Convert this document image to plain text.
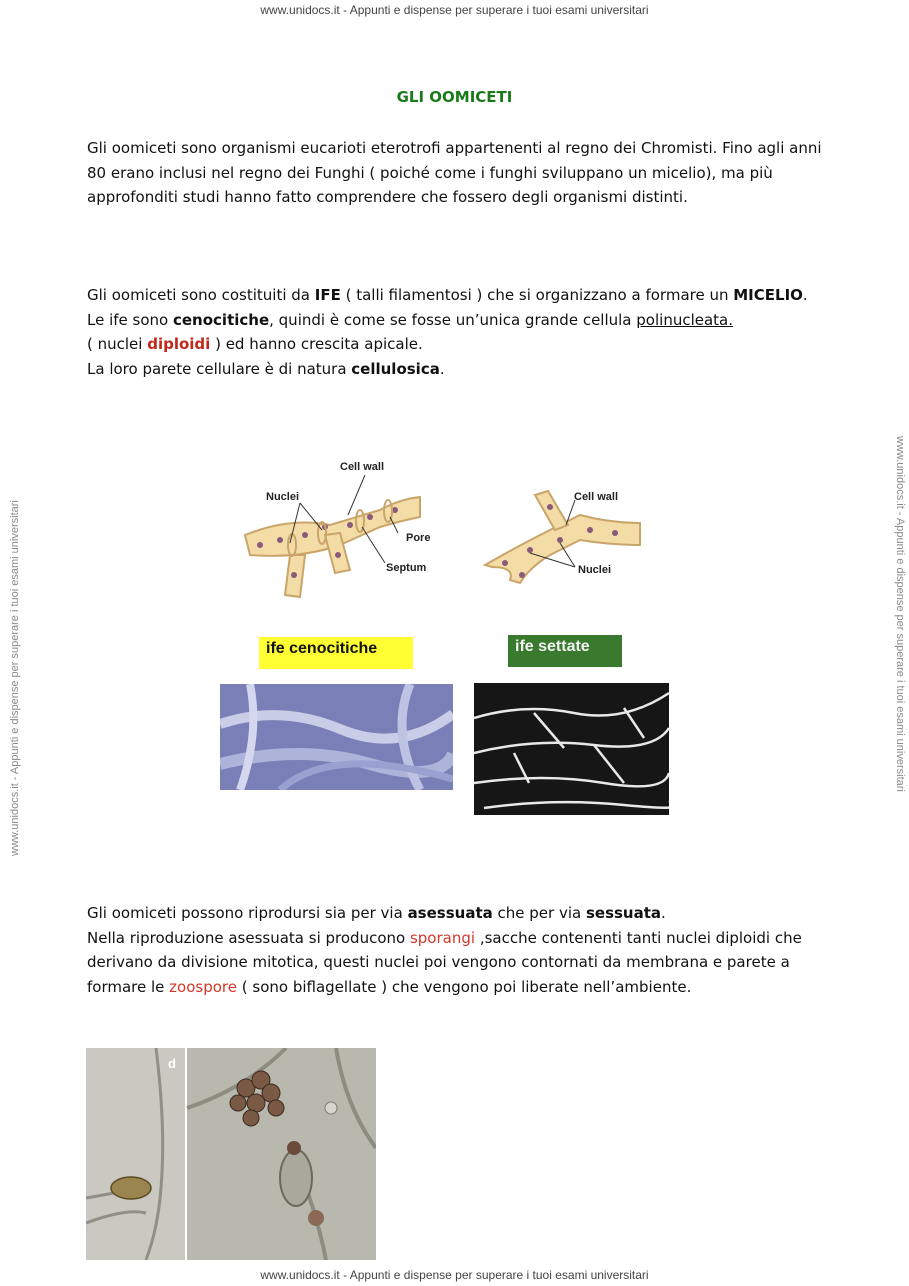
www.unidocs.it - Appunti e dispense per superare i tuoi esami universitari
www.unidocs.it - Appunti e dispense per superare i tuoi esami universitari	www.unidocs.it - Appunti e dispense per superare i tuoi esami universitari
GLI OOMICETI

Gli oomiceti sono organismi eucarioti eterotrofi appartenenti al regno dei Chromisti. Fino agli anni 80 erano inclusi nel regno dei Funghi ( poiché come i funghi sviluppano un micelio), ma più approfonditi studi hanno fatto comprendere che fossero degli organismi distinti.

Gli oomiceti sono costituiti da IFE ( talli filamentosi ) che si organizzano a formare un MICELIO.
Le ife sono cenocitiche, quindi è come se fosse un’unica grande cellula polinucleata.
( nuclei diploidi ) ed hanno crescita apicale.
La loro parete cellulare è di natura cellulosica.

Cell wall
Nuclei
Pore
Septum
Cell wall
Nuclei
ife cenocitiche	ife settate

Gli oomiceti possono riprodursi sia per via asessuata che per via sessuata.
Nella riproduzione asessuata si producono sporangi ,sacche contenenti tanti nuclei diploidi che derivano da divisione mitotica, questi nuclei poi vengono contornati da membrana e parete a formare le zoospore ( sono biflagellate ) che vengono poi liberate nell’ambiente.

d
www.unidocs.it - Appunti e dispense per superare i tuoi esami universitari
